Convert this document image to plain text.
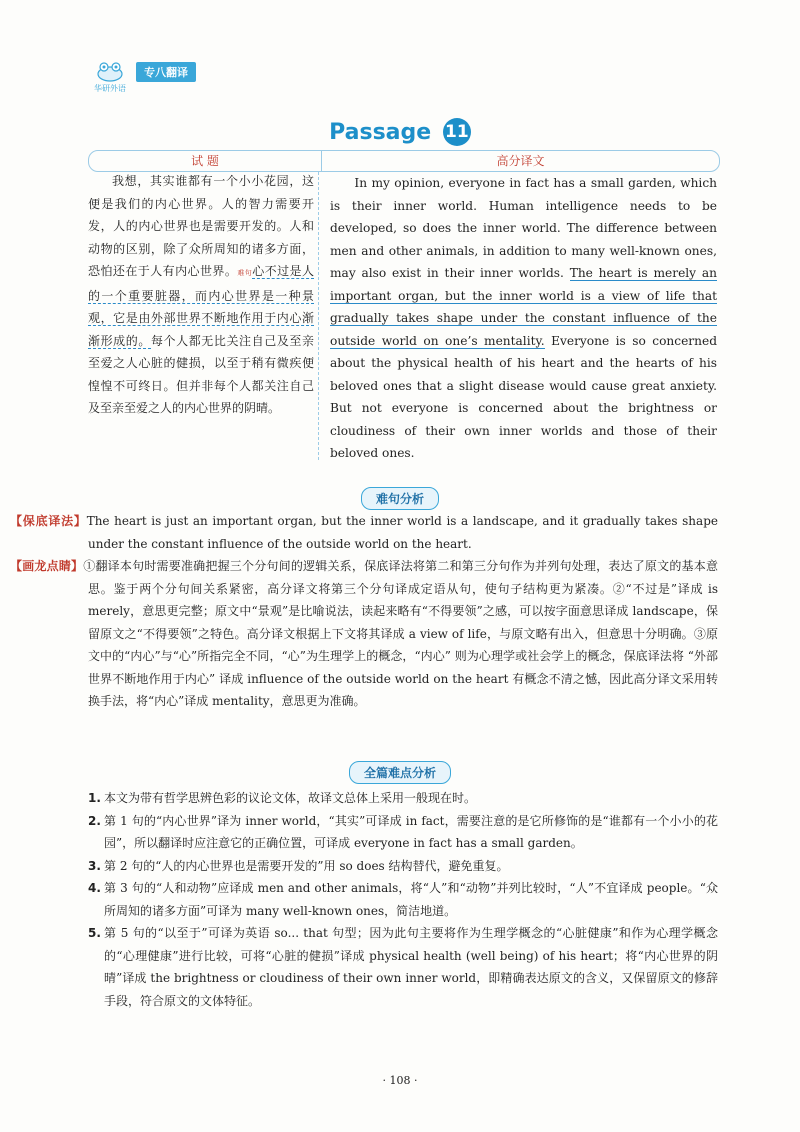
华研外语
专八翻译
Passage 11
试 题	高分译文
我想，其实谁都有一个小小花园，这便是我们的内心世界。人的智力需要开发，人的内心世界也是需要开发的。人和动物的区别，除了众所周知的诸多方面，恐怕还在于人有内心世界。难句心不过是人的一个重要脏器，而内心世界是一种景观，它是由外部世界不断地作用于内心渐渐形成的。每个人都无比关注自己及至亲至爱之人心脏的健损，以至于稍有微疾便惶惶不可终日。但并非每个人都关注自己及至亲至爱之人的内心世界的阴晴。
In my opinion, everyone in fact has a small garden, which is their inner world. Human intelligence needs to be developed, so does the inner world. The difference between men and other animals, in addition to many well-known ones, may also exist in their inner worlds. The heart is merely an important organ, but the inner world is a view of life that gradually takes shape under the constant influence of the outside world on one’s mentality. Everyone is so concerned about the physical health of his heart and the hearts of his beloved ones that a slight disease would cause great anxiety. But not everyone is concerned about the brightness or cloudiness of their own inner worlds and those of their beloved ones.
难句分析

【保底译法】The heart is just an important organ, but the inner world is a landscape, and it gradually takes shape under the constant influence of the outside world on the heart.

【画龙点睛】①翻译本句时需要准确把握三个分句间的逻辑关系，保底译法将第二和第三分句作为并列句处理，表达了原文的基本意思。鉴于两个分句间关系紧密，高分译文将第三个分句译成定语从句，使句子结构更为紧凑。②“不过是”译成 is merely，意思更完整；原文中“景观”是比喻说法，读起来略有“不得要领”之感，可以按字面意思译成 landscape，保留原文之“不得要领”之特色。高分译文根据上下文将其译成 a view of life，与原文略有出入，但意思十分明确。③原文中的“内心”与“心”所指完全不同，“心”为生理学上的概念，“内心” 则为心理学或社会学上的概念，保底译法将 “外部世界不断地作用于内心” 译成 influence of the outside world on the heart 有概念不清之憾，因此高分译文采用转换手法，将“内心”译成 mentality，意思更为准确。

全篇难点分析
1. 本文为带有哲学思辨色彩的议论文体，故译文总体上采用一般现在时。
2. 第 1 句的“内心世界”译为 inner world，“其实”可译成 in fact，需要注意的是它所修饰的是“谁都有一个小小的花园”，所以翻译时应注意它的正确位置，可译成 everyone in fact has a small garden。
3. 第 2 句的“人的内心世界也是需要开发的”用 so does 结构替代，避免重复。
4. 第 3 句的“人和动物”应译成 men and other animals，将“人”和“动物”并列比较时，“人”不宜译成 people。“众所周知的诸多方面”可译为 many well-known ones，简洁地道。
5. 第 5 句的“以至于”可译为英语 so... that 句型；因为此句主要将作为生理学概念的“心脏健康”和作为心理学概念的“心理健康”进行比较，可将“心脏的健损”译成 physical health (well being) of his heart；将“内心世界的阴晴”译成 the brightness or cloudiness of their own inner world，即精确表达原文的含义，又保留原文的修辞手段，符合原文的文体特征。
· 108 ·
